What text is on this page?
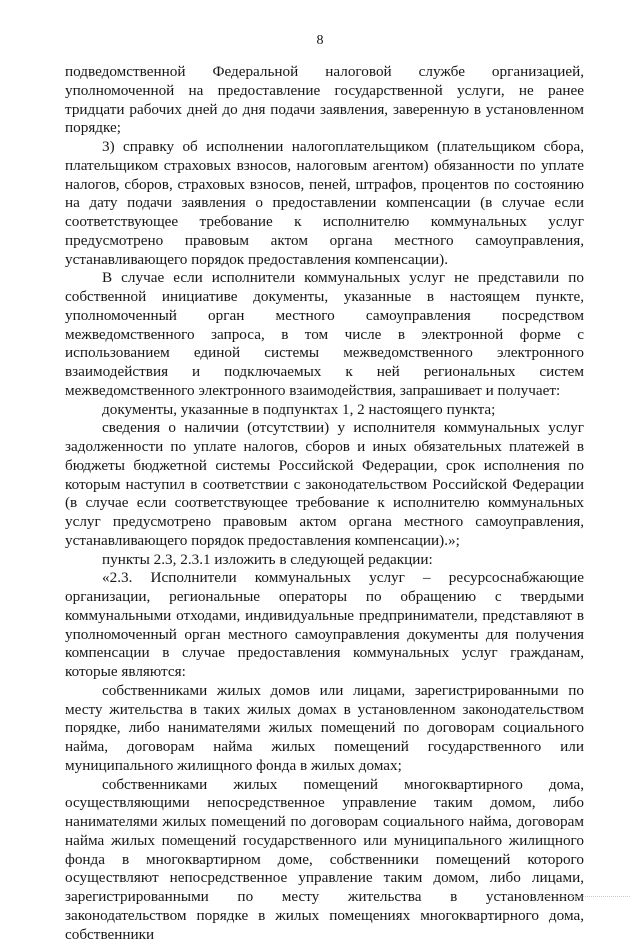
8

подведомственной Федеральной налоговой службе организацией, уполномоченной на предоставление государственной услуги, не ранее тридцати рабочих дней до дня подачи заявления, заверенную в установленном порядке;

3) справку об исполнении налогоплательщиком (плательщиком сбора, плательщиком страховых взносов, налоговым агентом) обязанности по уплате налогов, сборов, страховых взносов, пеней, штрафов, процентов по состоянию на дату подачи заявления о предоставлении компенсации (в случае если соответствующее требование к исполнителю коммунальных услуг предусмотрено правовым актом органа местного самоуправления, устанавливающего порядок предоставления компенсации).

В случае если исполнители коммунальных услуг не представили по собственной инициативе документы, указанные в настоящем пункте, уполномоченный орган местного самоуправления посредством межведомственного запроса, в том числе в электронной форме с использованием единой системы межведомственного электронного взаимодействия и подключаемых к ней региональных систем межведомственного электронного взаимодействия, запрашивает и получает:

документы, указанные в подпунктах 1, 2 настоящего пункта;

сведения о наличии (отсутствии) у исполнителя коммунальных услуг задолженности по уплате налогов, сборов и иных обязательных платежей в бюджеты бюджетной системы Российской Федерации, срок исполнения по которым наступил в соответствии с законодательством Российской Федерации (в случае если соответствующее требование к исполнителю коммунальных услуг предусмотрено правовым актом органа местного самоуправления, устанавливающего порядок предоставления компенсации).»;

пункты 2.3, 2.3.1 изложить в следующей редакции:

«2.3. Исполнители коммунальных услуг – ресурсоснабжающие организации, региональные операторы по обращению с твердыми коммунальными отходами, индивидуальные предприниматели, представляют в уполномоченный орган местного самоуправления документы для получения компенсации в случае предоставления коммунальных услуг гражданам, которые являются:

собственниками жилых домов или лицами, зарегистрированными по месту жительства в таких жилых домах в установленном законодательством порядке, либо нанимателями жилых помещений по договорам социального найма, договорам найма жилых помещений государственного или муниципального жилищного фонда в жилых домах;

собственниками жилых помещений многоквартирного дома, осуществляющими непосредственное управление таким домом, либо нанимателями жилых помещений по договорам социального найма, договорам найма жилых помещений государственного или муниципального жилищного фонда в многоквартирном доме, собственники помещений которого осуществляют непосредственное управление таким домом, либо лицами, зарегистрированными по месту жительства в установленном законодательством порядке в жилых помещениях многоквартирного дома, собственники
